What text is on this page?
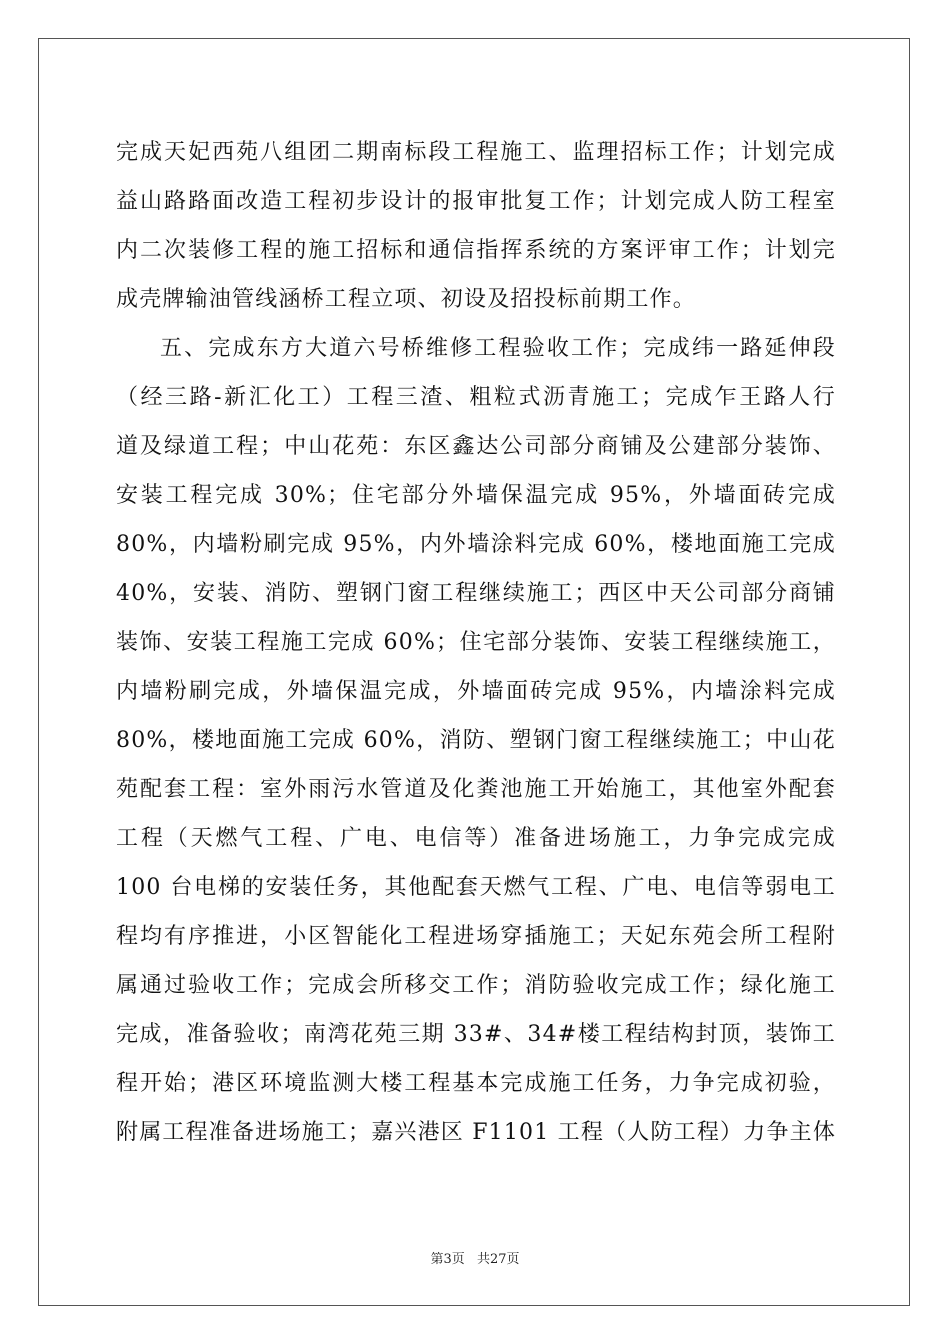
完成天妃西苑八组团二期南标段工程施工、监理招标工作；计划完成
益山路路面改造工程初步设计的报审批复工作；计划完成人防工程室
内二次装修工程的施工招标和通信指挥系统的方案评审工作；计划完
成壳牌输油管线涵桥工程立项、初设及招投标前期工作。
五、完成东方大道六号桥维修工程验收工作；完成纬一路延伸段
（经三路-新汇化工）工程三渣、粗粒式沥青施工；完成乍王路人行
道及绿道工程；中山花苑：东区鑫达公司部分商铺及公建部分装饰、
安装工程完成 30%；住宅部分外墙保温完成 95%，外墙面砖完成
80%，内墙粉刷完成 95%，内外墙涂料完成 60%，楼地面施工完成
40%，安装、消防、塑钢门窗工程继续施工；西区中天公司部分商铺
装饰、安装工程施工完成 60%；住宅部分装饰、安装工程继续施工，
内墙粉刷完成，外墙保温完成，外墙面砖完成 95%，内墙涂料完成
80%，楼地面施工完成 60%，消防、塑钢门窗工程继续施工；中山花
苑配套工程：室外雨污水管道及化粪池施工开始施工，其他室外配套
工程（天燃气工程、广电、电信等）准备进场施工，力争完成完成
100 台电梯的安装任务，其他配套天燃气工程、广电、电信等弱电工
程均有序推进，小区智能化工程进场穿插施工；天妃东苑会所工程附
属通过验收工作；完成会所移交工作；消防验收完成工作；绿化施工
完成，准备验收；南湾花苑三期 33#、34#楼工程结构封顶，装饰工
程开始；港区环境监测大楼工程基本完成施工任务，力争完成初验，
附属工程准备进场施工；嘉兴港区 F1101 工程（人防工程）力争主体
第3页 共27页
